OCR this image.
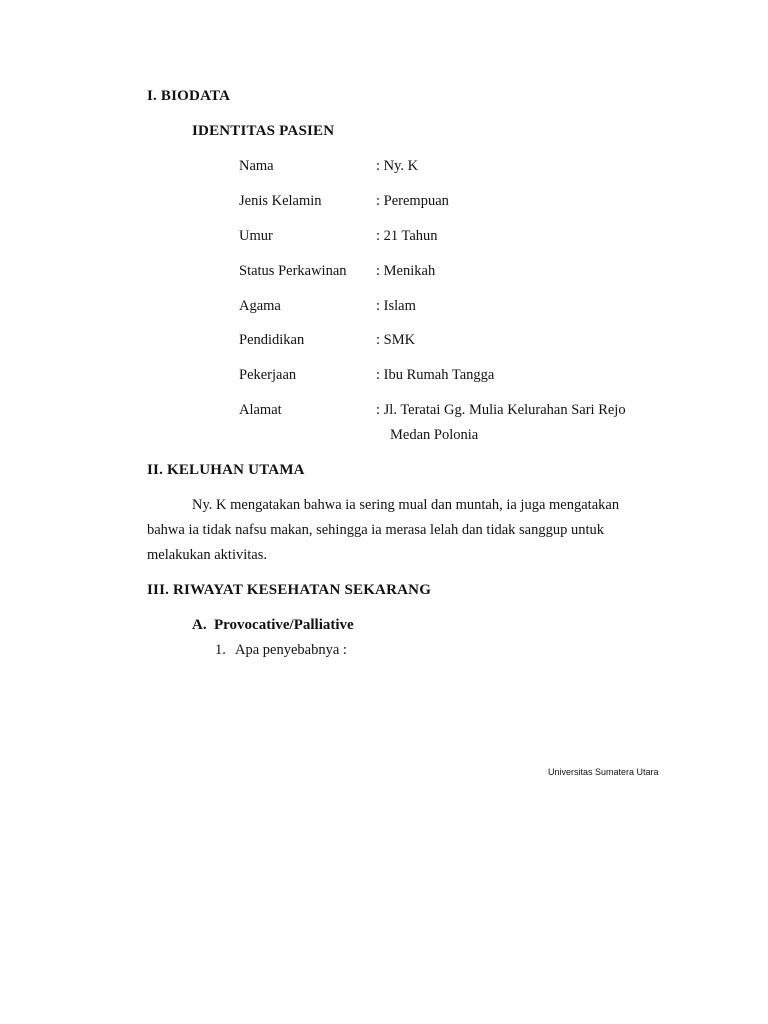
I. BIODATA
IDENTITAS PASIEN
Nama	: Ny. K
Jenis Kelamin	: Perempuan
Umur	: 21 Tahun
Status Perkawinan : Menikah
Agama	: Islam
Pendidikan	: SMK
Pekerjaan	: Ibu Rumah Tangga
Alamat	: Jl. Teratai Gg. Mulia Kelurahan Sari Rejo
Medan Polonia
II. KELUHAN UTAMA
Ny. K mengatakan bahwa ia sering mual dan muntah, ia juga mengatakan
bahwa ia tidak nafsu makan, sehingga ia merasa lelah dan tidak sanggup untuk
melakukan aktivitas.
III. RIWAYAT KESEHATAN SEKARANG
A. Provocative/Palliative
1. Apa penyebabnya :
Universitas Sumatera Utara
